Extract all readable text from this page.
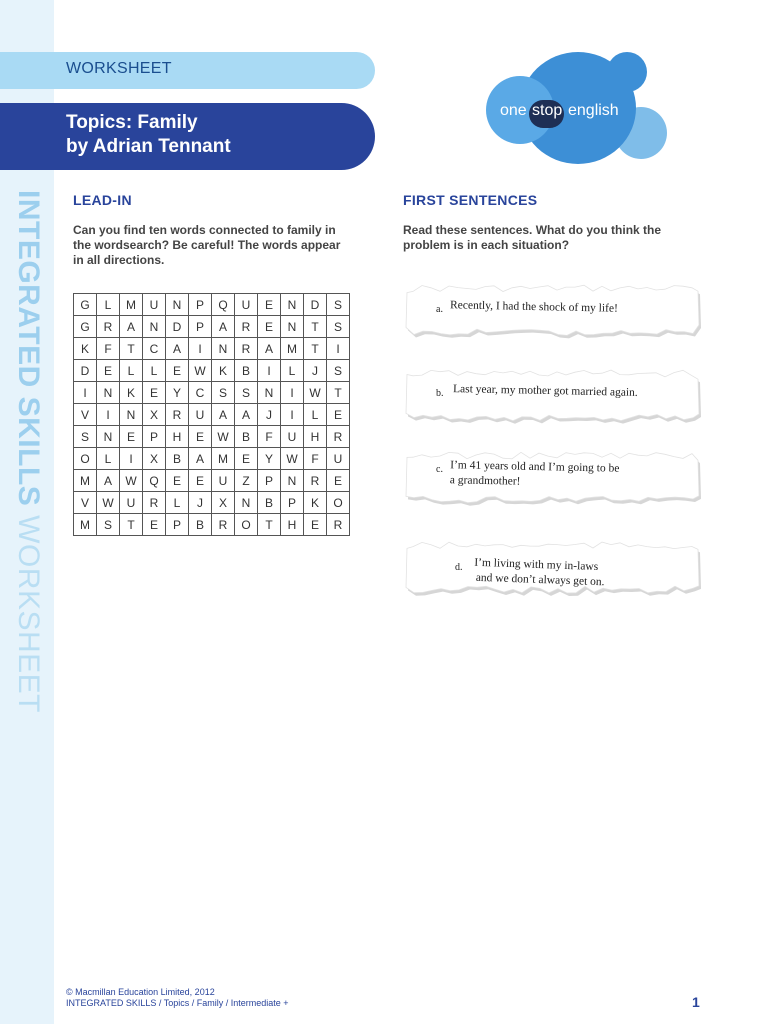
INTEGRATED SKILLS WORKSHEET
WORKSHEET
Topics: Family
by Adrian Tennant
one stop english
LEAD-IN
Can you find ten words connected to family in
the wordsearch? Be careful! The words appear
in all directions.
G	L	M	U	N	P	Q	U	E	N	D	S
G	R	A	N	D	P	A	R	E	N	T	S
K	F	T	C	A	I	N	R	A	M	T	I
D	E	L	L	E	W	K	B	I	L	J	S
I	N	K	E	Y	C	S	S	N	I	W	T
V	I	N	X	R	U	A	A	J	I	L	E
S	N	E	P	H	E	W	B	F	U	H	R
O	L	I	X	B	A	M	E	Y	W	F	U
M	A	W	Q	E	E	U	Z	P	N	R	E
V	W	U	R	L	J	X	N	B	P	K	O
M	S	T	E	P	B	R	O	T	H	E	R
FIRST SENTENCES
Read these sentences. What do you think the
problem is in each situation?
a. Recently, I had the shock of my life!
b. Last year, my mother got married again.
c. I’m 41 years old and I’m going to be
a grandmother!
d. I’m living with my in-laws
and we don’t always get on.
© Macmillan Education Limited, 2012
INTEGRATED SKILLS / Topics / Family / Intermediate +	1
